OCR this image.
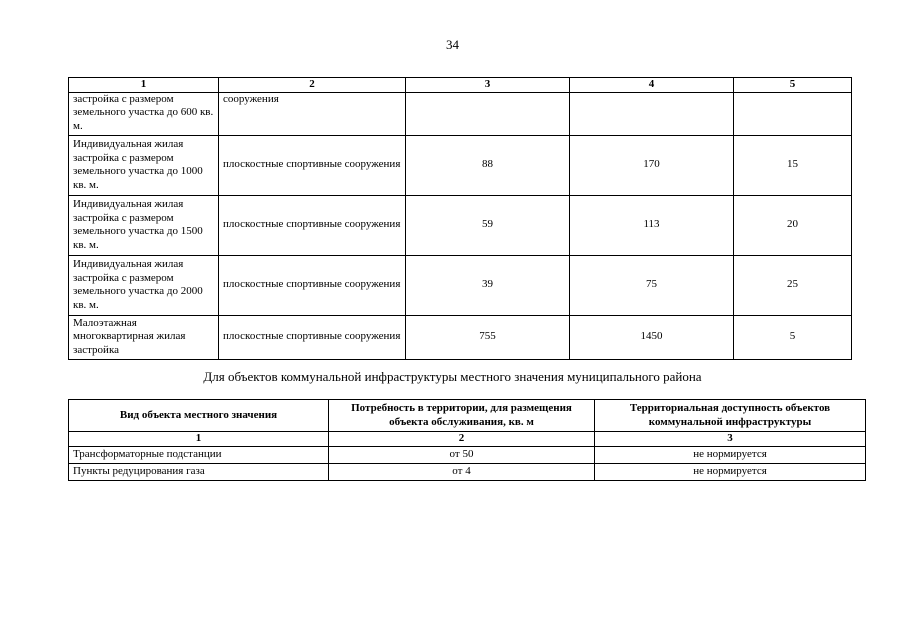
34
1	2	3	4	5
застройка с размером земельного участка до 600 кв. м.	сооружения			
Индивидуальная жилая застройка с размером земельного участка до 1000 кв. м.	плоскостные спортивные сооружения	88	170	15
Индивидуальная жилая застройка с размером земельного участка до 1500 кв. м.	плоскостные спортивные сооружения	59	113	20
Индивидуальная жилая застройка с размером земельного участка до 2000 кв. м.	плоскостные спортивные сооружения	39	75	25
Малоэтажная многоквартирная жилая застройка	плоскостные спортивные сооружения	755	1450	5
Для объектов коммунальной инфраструктуры местного значения муниципального района
Вид объекта местного значения	Потребность в территории, для размещения объекта обслуживания, кв. м	Территориальная доступность объектов коммунальной инфраструктуры
1	2	3
Трансформаторные подстанции	от 50	не нормируется
Пункты редуцирования газа	от 4	не нормируется
